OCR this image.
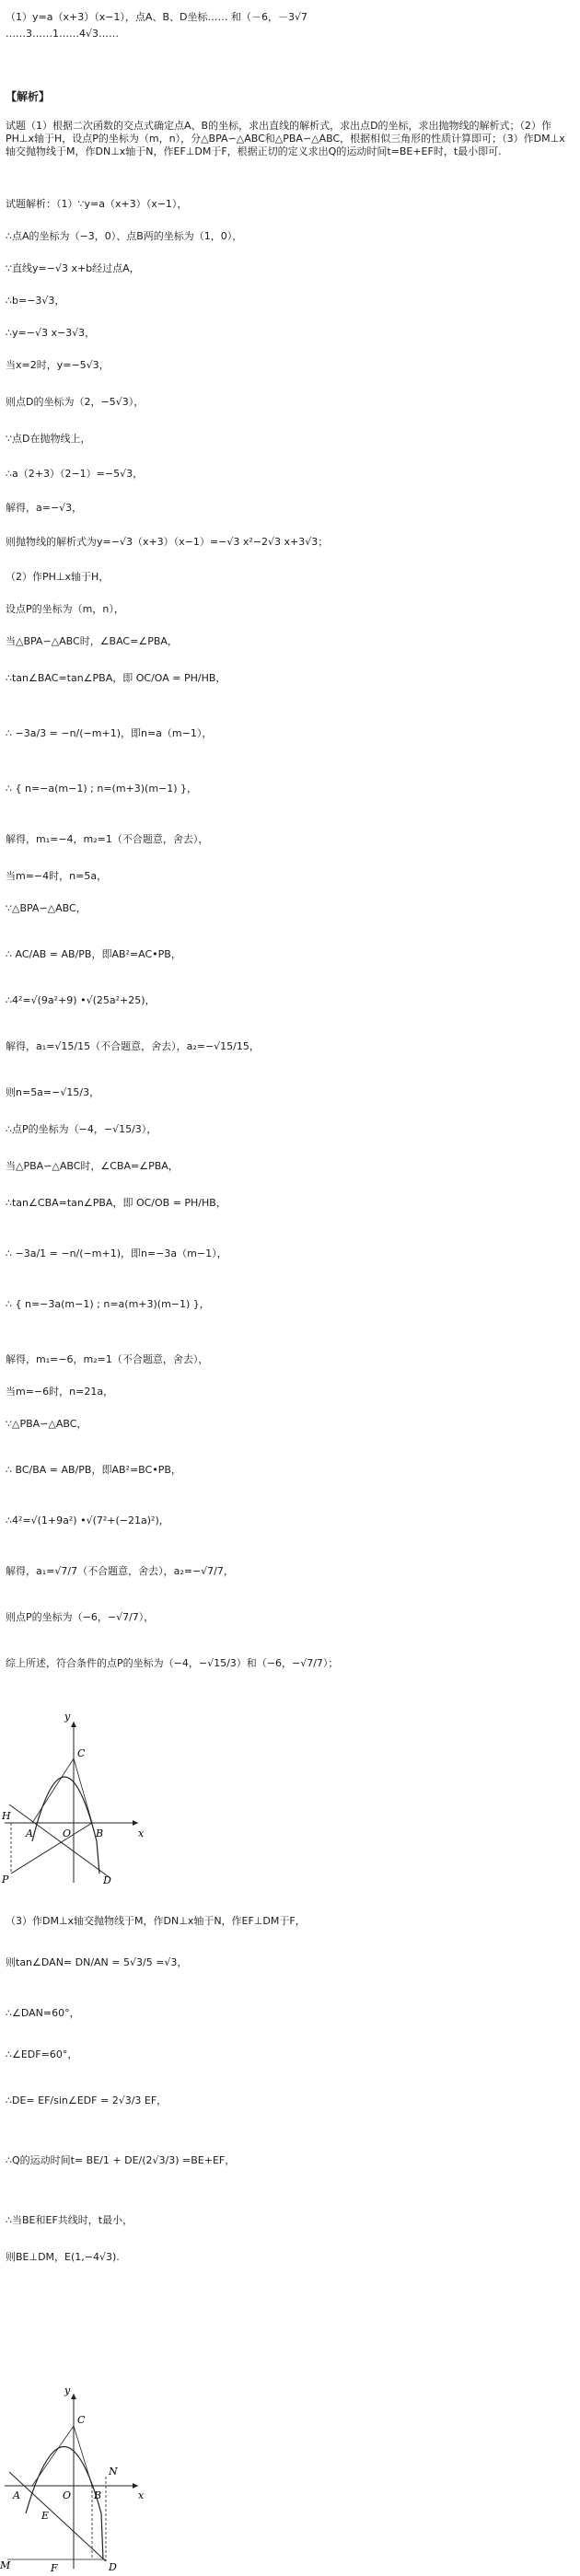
（1）y=a（x+3）（x−1），点A、B、D坐标…… 和（－6，－3√7
……3……1……4√3……
【解析】
试题（1）根据二次函数的交点式确定点A、B的坐标，求出直线的解析式，求出点D的坐标，求出抛物线的解析式；（2）作PH⊥x轴于H，设点P的坐标为（m，n），分△BPA∽△ABC和△PBA∽△ABC，根据相似三角形的性质计算即可；（3）作DM⊥x轴交抛物线于M，作DN⊥x轴于N，作EF⊥DM于F，根据正切的定义求出Q的运动时间t=BE+EF时，t最小即可.
试题解析：（1）∵y=a（x+3）（x−1），
∴点A的坐标为（−3，0）、点B两的坐标为（1，0），
∵直线y=−√3 x+b经过点A，
∴b=−3√3，
∴y=−√3 x−3√3，
当x=2时，y=−5√3，
则点D的坐标为（2，−5√3），
∵点D在抛物线上，
∴a（2+3）（2−1）=−5√3，
解得，a=−√3，
则抛物线的解析式为y=−√3（x+3）（x−1）=−√3 x²−2√3 x+3√3；
（2）作PH⊥x轴于H，
设点P的坐标为（m，n），
当△BPA∽△ABC时，∠BAC=∠PBA，
∴tan∠BAC=tan∠PBA，即 OC/OA = PH/HB，
∴ −3a/3 = −n/(−m+1)，即n=a（m−1），
∴ { n=−a(m−1) ; n=(m+3)(m−1) }，
解得，m₁=−4，m₂=1（不合题意，舍去），
当m=−4时，n=5a，
∵△BPA∽△ABC，
∴ AC/AB = AB/PB，即AB²=AC•PB，
∴4²=√(9a²+9) •√(25a²+25)，
解得，a₁=√15/15（不合题意，舍去），a₂=−√15/15，
则n=5a=−√15/3，
∴点P的坐标为（−4，−√15/3），
当△PBA∽△ABC时，∠CBA=∠PBA，
∴tan∠CBA=tan∠PBA，即 OC/OB = PH/HB，
∴ −3a/1 = −n/(−m+1)，即n=−3a（m−1），
∴ { n=−3a(m−1) ; n=a(m+3)(m−1) }，
解得，m₁=−6，m₂=1（不合题意，舍去），
当m=−6时，n=21a，
∵△PBA∽△ABC，
∴ BC/BA = AB/PB，即AB²=BC•PB，
∴4²=√(1+9a²) •√(7²+(−21a)²)，
解得，a₁=√7/7（不合题意，舍去），a₂=−√7/7，
则点P的坐标为（−6，−√7/7），
综上所述，符合条件的点P的坐标为（−4，−√15/3）和（−6，−√7/7）；
y
C
H
A	O B	x
P	D
（3）作DM⊥x轴交抛物线于M，作DN⊥x轴于N，作EF⊥DM于F，
则tan∠DAN= DN/AN = 5√3/5 =√3，
∴∠DAN=60°，
∴∠EDF=60°，
∴DE= EF/sin∠EDF = 2√3/3 EF，
∴Q的运动时间t= BE/1 + DE/(2√3/3) =BE+EF，
∴当BE和EF共线时，t最小，
则BE⊥DM，E(1,−4√3).
y
C
N
A	O B	x
E
M	F	D
